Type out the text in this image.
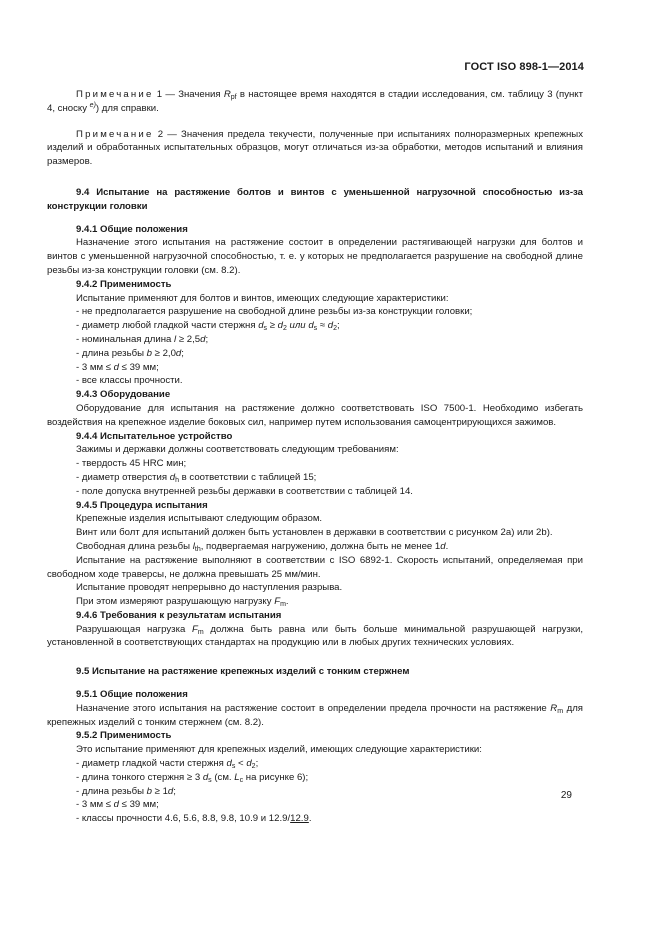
ГОСТ ISO 898-1—2014

Примечание 1 — Значения $R_{pf}$ в настоящее время находятся в стадии исследования, см. таблицу 3 (пункт 4, сноску $^{e)}$) для справки.

Примечание 2 — Значения предела текучести, полученные при испытаниях полноразмерных крепежных изделий и обработанных испытательных образцов, могут отличаться из-за обработки, методов испытаний и влияния размеров.

9.4 Испытание на растяжение болтов и винтов с уменьшенной нагрузочной способностью из-за конструкции головки

9.4.1 Общие положения

Назначение этого испытания на растяжение состоит в определении растягивающей нагрузки для болтов и винтов с уменьшенной нагрузочной способностью, т. е. у которых не предполагается разрушение на свободной длине резьбы из-за конструкции головки (см. 8.2).

9.4.2 Применимость

Испытание применяют для болтов и винтов, имеющих следующие характеристики:

- не предполагается разрушение на свободной длине резьбы из-за конструкции головки;

- диаметр любой гладкой части стержня $d_s \ge d_2$ или $d_s \approx d_2$;

- номинальная длина l ≥ 2,5d;

- длина резьбы b ≥ 2,0d;

- 3 мм ≤ d ≤ 39 мм;

- все классы прочности.

9.4.3 Оборудование

Оборудование для испытания на растяжение должно соответствовать ISO 7500-1. Необходимо избегать воздействия на крепежное изделие боковых сил, например путем использования самоцентрирующихся зажимов.

9.4.4 Испытательное устройство

Зажимы и державки должны соответствовать следующим требованиям:

- твердость 45 HRC мин;

- диаметр отверстия $d_h$ в соответствии с таблицей 15;

- поле допуска внутренней резьбы державки в соответствии с таблицей 14.

9.4.5 Процедура испытания

Крепежные изделия испытывают следующим образом.

Винт или болт для испытаний должен быть установлен в державки в соответствии с рисунком 2а) или 2b).

Свободная длина резьбы $l_{th}$, подвергаемая нагружению, должна быть не менее 1d.

Испытание на растяжение выполняют в соответствии с ISO 6892-1. Скорость испытаний, определяемая при свободном ходе траверсы, не должна превышать 25 мм/мин.

Испытание проводят непрерывно до наступления разрыва.

При этом измеряют разрушающую нагрузку $F_m$.

9.4.6 Требования к результатам испытания

Разрушающая нагрузка $F_m$ должна быть равна или быть больше минимальной разрушающей нагрузки, установленной в соответствующих стандартах на продукцию или в любых других технических условиях.

9.5 Испытание на растяжение крепежных изделий с тонким стержнем

9.5.1 Общие положения

Назначение этого испытания на растяжение состоит в определении предела прочности на растяжение $R_m$ для крепежных изделий с тонким стержнем (см. 8.2).

9.5.2 Применимость

Это испытание применяют для крепежных изделий, имеющих следующие характеристики:

- диаметр гладкой части стержня $d_s < d_2$;

- длина тонкого стержня ≥ 3 $d_s$ (см. $L_c$ на рисунке 6);

- длина резьбы b ≥ 1d;

- 3 мм ≤ d ≤ 39 мм;

- классы прочности 4.6, 5.6, 8.8, 9.8, 10.9 и 12.9/12.9.

29
